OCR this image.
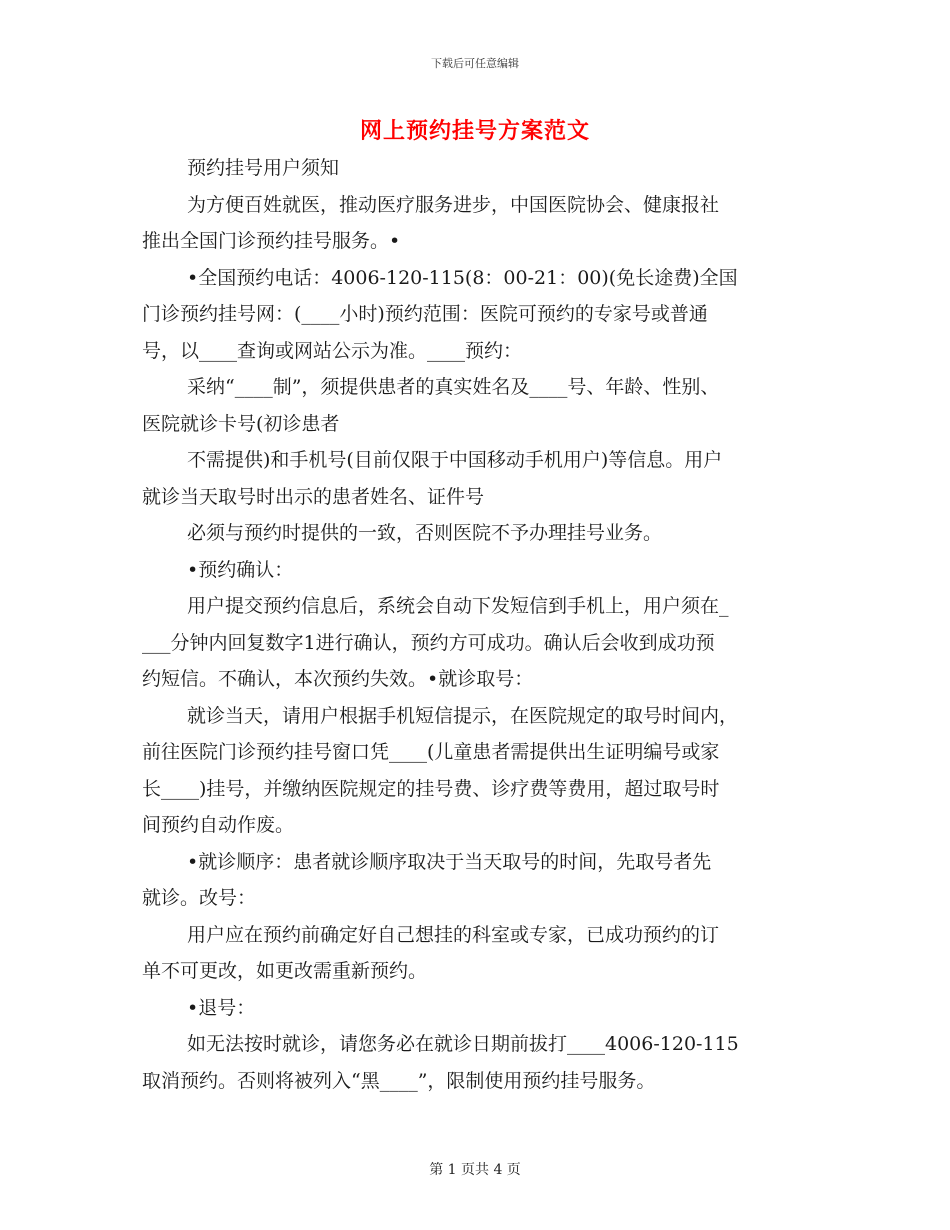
下载后可任意编辑
网上预约挂号方案范文

预约挂号用户须知

为方便百姓就医，推动医疗服务进步，中国医院协会、健康报社

推出全国门诊预约挂号服务。•

•全国预约电话：4006-120-115(8：00-21：00)(免长途费)全国

门诊预约挂号网：(____小时)预约范围：医院可预约的专家号或普通

号，以____查询或网站公示为准。____预约：

采纳“____制”，须提供患者的真实姓名及____号、年龄、性别、

医院就诊卡号(初诊患者

不需提供)和手机号(目前仅限于中国移动手机用户)等信息。用户

就诊当天取号时出示的患者姓名、证件号

必须与预约时提供的一致，否则医院不予办理挂号业务。

•预约确认：

用户提交预约信息后，系统会自动下发短信到手机上，用户须在_

___分钟内回复数字1进行确认，预约方可成功。确认后会收到成功预

约短信。不确认，本次预约失效。•就诊取号：

就诊当天，请用户根据手机短信提示，在医院规定的取号时间内，

前往医院门诊预约挂号窗口凭____(儿童患者需提供出生证明编号或家

长____)挂号，并缴纳医院规定的挂号费、诊疗费等费用，超过取号时

间预约自动作废。

•就诊顺序：患者就诊顺序取决于当天取号的时间，先取号者先

就诊。改号：

用户应在预约前确定好自己想挂的科室或专家，已成功预约的订

单不可更改，如更改需重新预约。

•退号：

如无法按时就诊，请您务必在就诊日期前拔打____4006-120-115

取消预约。否则将被列入“黑____”，限制使用预约挂号服务。

第 1 页共 4 页
